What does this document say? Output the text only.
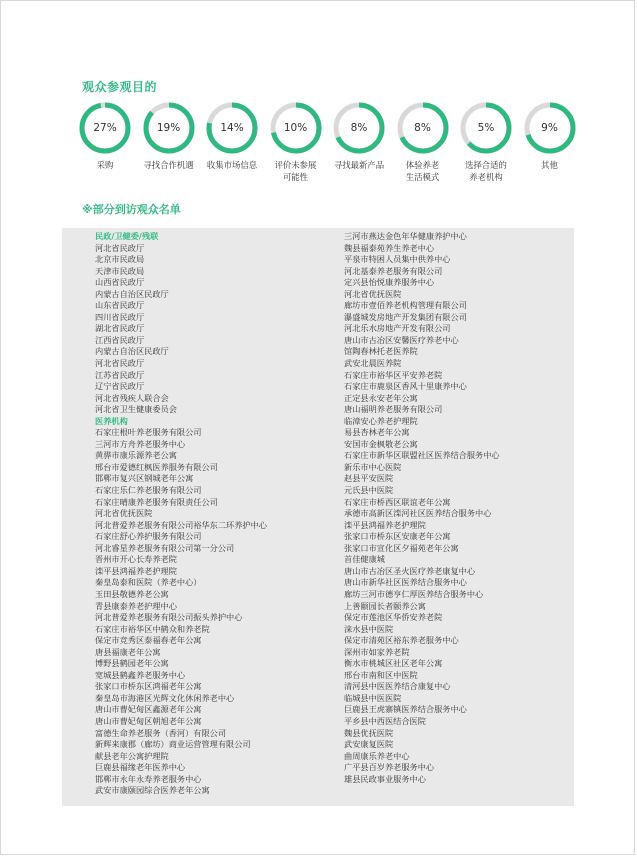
观众参观目的
27%
采购
19%
寻找合作机遇
14%
收集市场信息
10%
评价未参展
可能性
8%
寻找最新产品
8%
体验养老
生活模式
5%
选择合适的
养老机构
9%
其他
※部分到访观众名单
民政/卫健委/残联
河北省民政厅
北京市民政局
天津市民政局
山西省民政厅
内蒙古自治区民政厅
山东省民政厅
四川省民政厅
湖北省民政厅
江西省民政厅
内蒙古自治区民政厅
河北省民政厅
江苏省民政厅
辽宁省民政厅
河北省残疾人联合会
河北省卫生健康委员会
医养机构
石家庄根叶养老服务有限公司
三河市方舟养老服务中心
黄骅市康乐源养老公寓
邢台市爱德红枫医养服务有限公司
邯郸市复兴区钢城老年公寓
石家庄乐仁养老服务有限公司
石家庄晴康养老服务有限责任公司
河北省优抚医院
河北普爱养老服务有限公司裕华东二环养护中心
石家庄舒心养护服务有限公司
河北睿星养老服务有限公司第一分公司
晋州市开心长寿养老院
滦平县鸿福养老护理院
秦皇岛泰和医院（养老中心）
玉田县敬德养老公寓
青县康泰养老护理中心
河北普爱养老服务有限公司振头养护中心
石家庄市裕华区中鹤众和养老院
保定市竞秀区泰福春老年公寓
唐县福康老年公寓
博野县鹤园老年公寓
宽城县鹤鑫养老服务中心
张家口市桥东区鸿福老年公寓
秦皇岛市海港区光辉文化休闲养老中心
唐山市曹妃甸区鑫源老年公寓
唐山市曹妃甸区朝旭老年公寓
富德生命养老服务（香河）有限公司
新辉来康郡（廊坊）商业运营管理有限公司
献县老年公寓护理院
巨鹿县福缘老年医养中心
邯郸市永年永寿养老服务中心
武安市康颐园综合医养老年公寓
三河市燕达金色年华健康养护中心
魏县福泰苑养生养老中心
平泉市特困人员集中供养中心
河北基泰养老服务有限公司
定兴县怡悦康养服务中心
河北省优抚医院
廊坊市壹佰养老机构管理有限公司
瀑盛城发房地产开发集团有限公司
河北乐水房地产开发有限公司
唐山市古冶区安馨医疗养老中心
馆陶春林托老医养院
武安北晨医养院
石家庄市裕华区平安养老院
石家庄市鹿泉区香风十里康养中心
正定县永安老年公寓
唐山福明养老服务有限公司
临漳安心养老护理院
易县杏林老年公寓
安国市金枫敬老公寓
石家庄市新华区联盟社区医养结合服务中心
新乐市中心医院
赵县平安医院
元氏县中医院
石家庄市桥西区联谊老年公寓
承德市高新区滦河社区医养结合服务中心
滦平县鸿福养老护理院
张家口市桥东区安康老年公寓
张家口市宣化区夕福苑老年公寓
首佳健康城
唐山市古冶区圣火医疗养老康复中心
唐山市新华社区医养结合服务中心
廊坊三河市德亨仁厚医养结合服务中心
上善颐园长者颐养公寓
保定市莲池区华侨安养老院
涞水县中医院
保定市清苑区裕东养老服务中心
深州市如家养老院
衡水市桃城区社区老年公寓
邢台市南和区中医院
清河县中医医养结合康复中心
临城县中医医院
巨鹿县王虎寨镇医养结合服务中心
平乡县中西医结合医院
魏县优抚医院
武安康复医院
曲周康乐养老中心
广平县百岁养老服务中心
雄县民政事业服务中心
